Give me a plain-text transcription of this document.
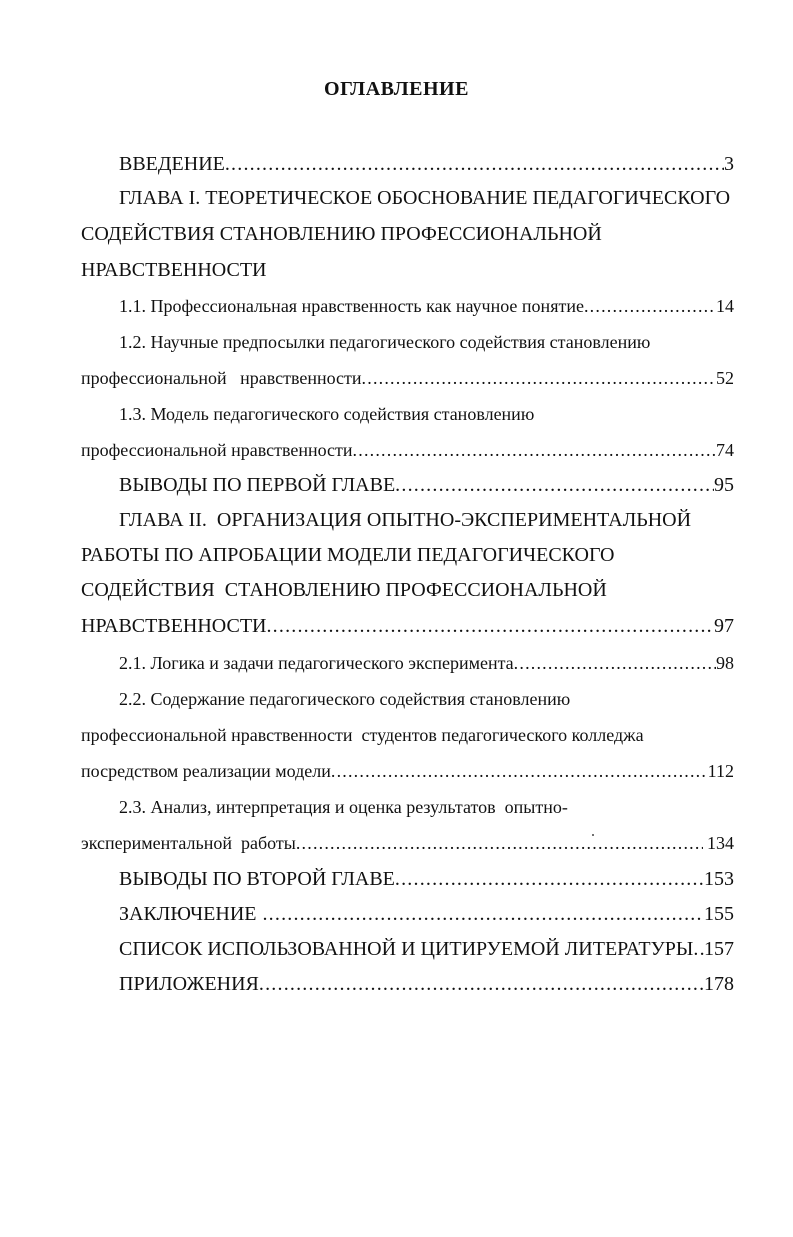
ОГЛАВЛЕНИЕ
ВВЕДЕНИЕ .....	3
ГЛАВА I. ТЕОРЕТИЧЕСКОЕ ОБОСНОВАНИЕ ПЕДАГОГИЧЕСКОГО
СОДЕЙСТВИЯ СТАНОВЛЕНИЮ ПРОФЕССИОНАЛЬНОЙ
НРАВСТВЕННОСТИ
1.1. Профессиональная нравственность как научное понятие .....	14
1.2. Научные предпосылки педагогического содействия становлению
профессиональной   нравственности .....	52
1.3. Модель педагогического содействия становлению
профессиональной нравственности .....	74
ВЫВОДЫ ПО ПЕРВОЙ ГЛАВЕ .....	95
ГЛАВА II.  ОРГАНИЗАЦИЯ ОПЫТНО-ЭКСПЕРИМЕНТАЛЬНОЙ
РАБОТЫ ПО АПРОБАЦИИ МОДЕЛИ ПЕДАГОГИЧЕСКОГО
СОДЕЙСТВИЯ  СТАНОВЛЕНИЮ ПРОФЕССИОНАЛЬНОЙ
НРАВСТВЕННОСТИ .....	97
2.1. Логика и задачи педагогического эксперимента .....	98
2.2. Содержание педагогического содействия становлению
профессиональной нравственности  студентов педагогического колледжа
посредством реализации модели .....	112
2.3. Анализ, интерпретация и оценка результатов  опытно-
экспериментальной  работы .....	134
ВЫВОДЫ ПО ВТОРОЙ ГЛАВЕ .....	153
ЗАКЛЮЧЕНИЕ .....	155
СПИСОК ИСПОЛЬЗОВАННОЙ И ЦИТИРУЕМОЙ ЛИТЕРАТУРЫ ..... 157
ПРИЛОЖЕНИЯ .....	178
